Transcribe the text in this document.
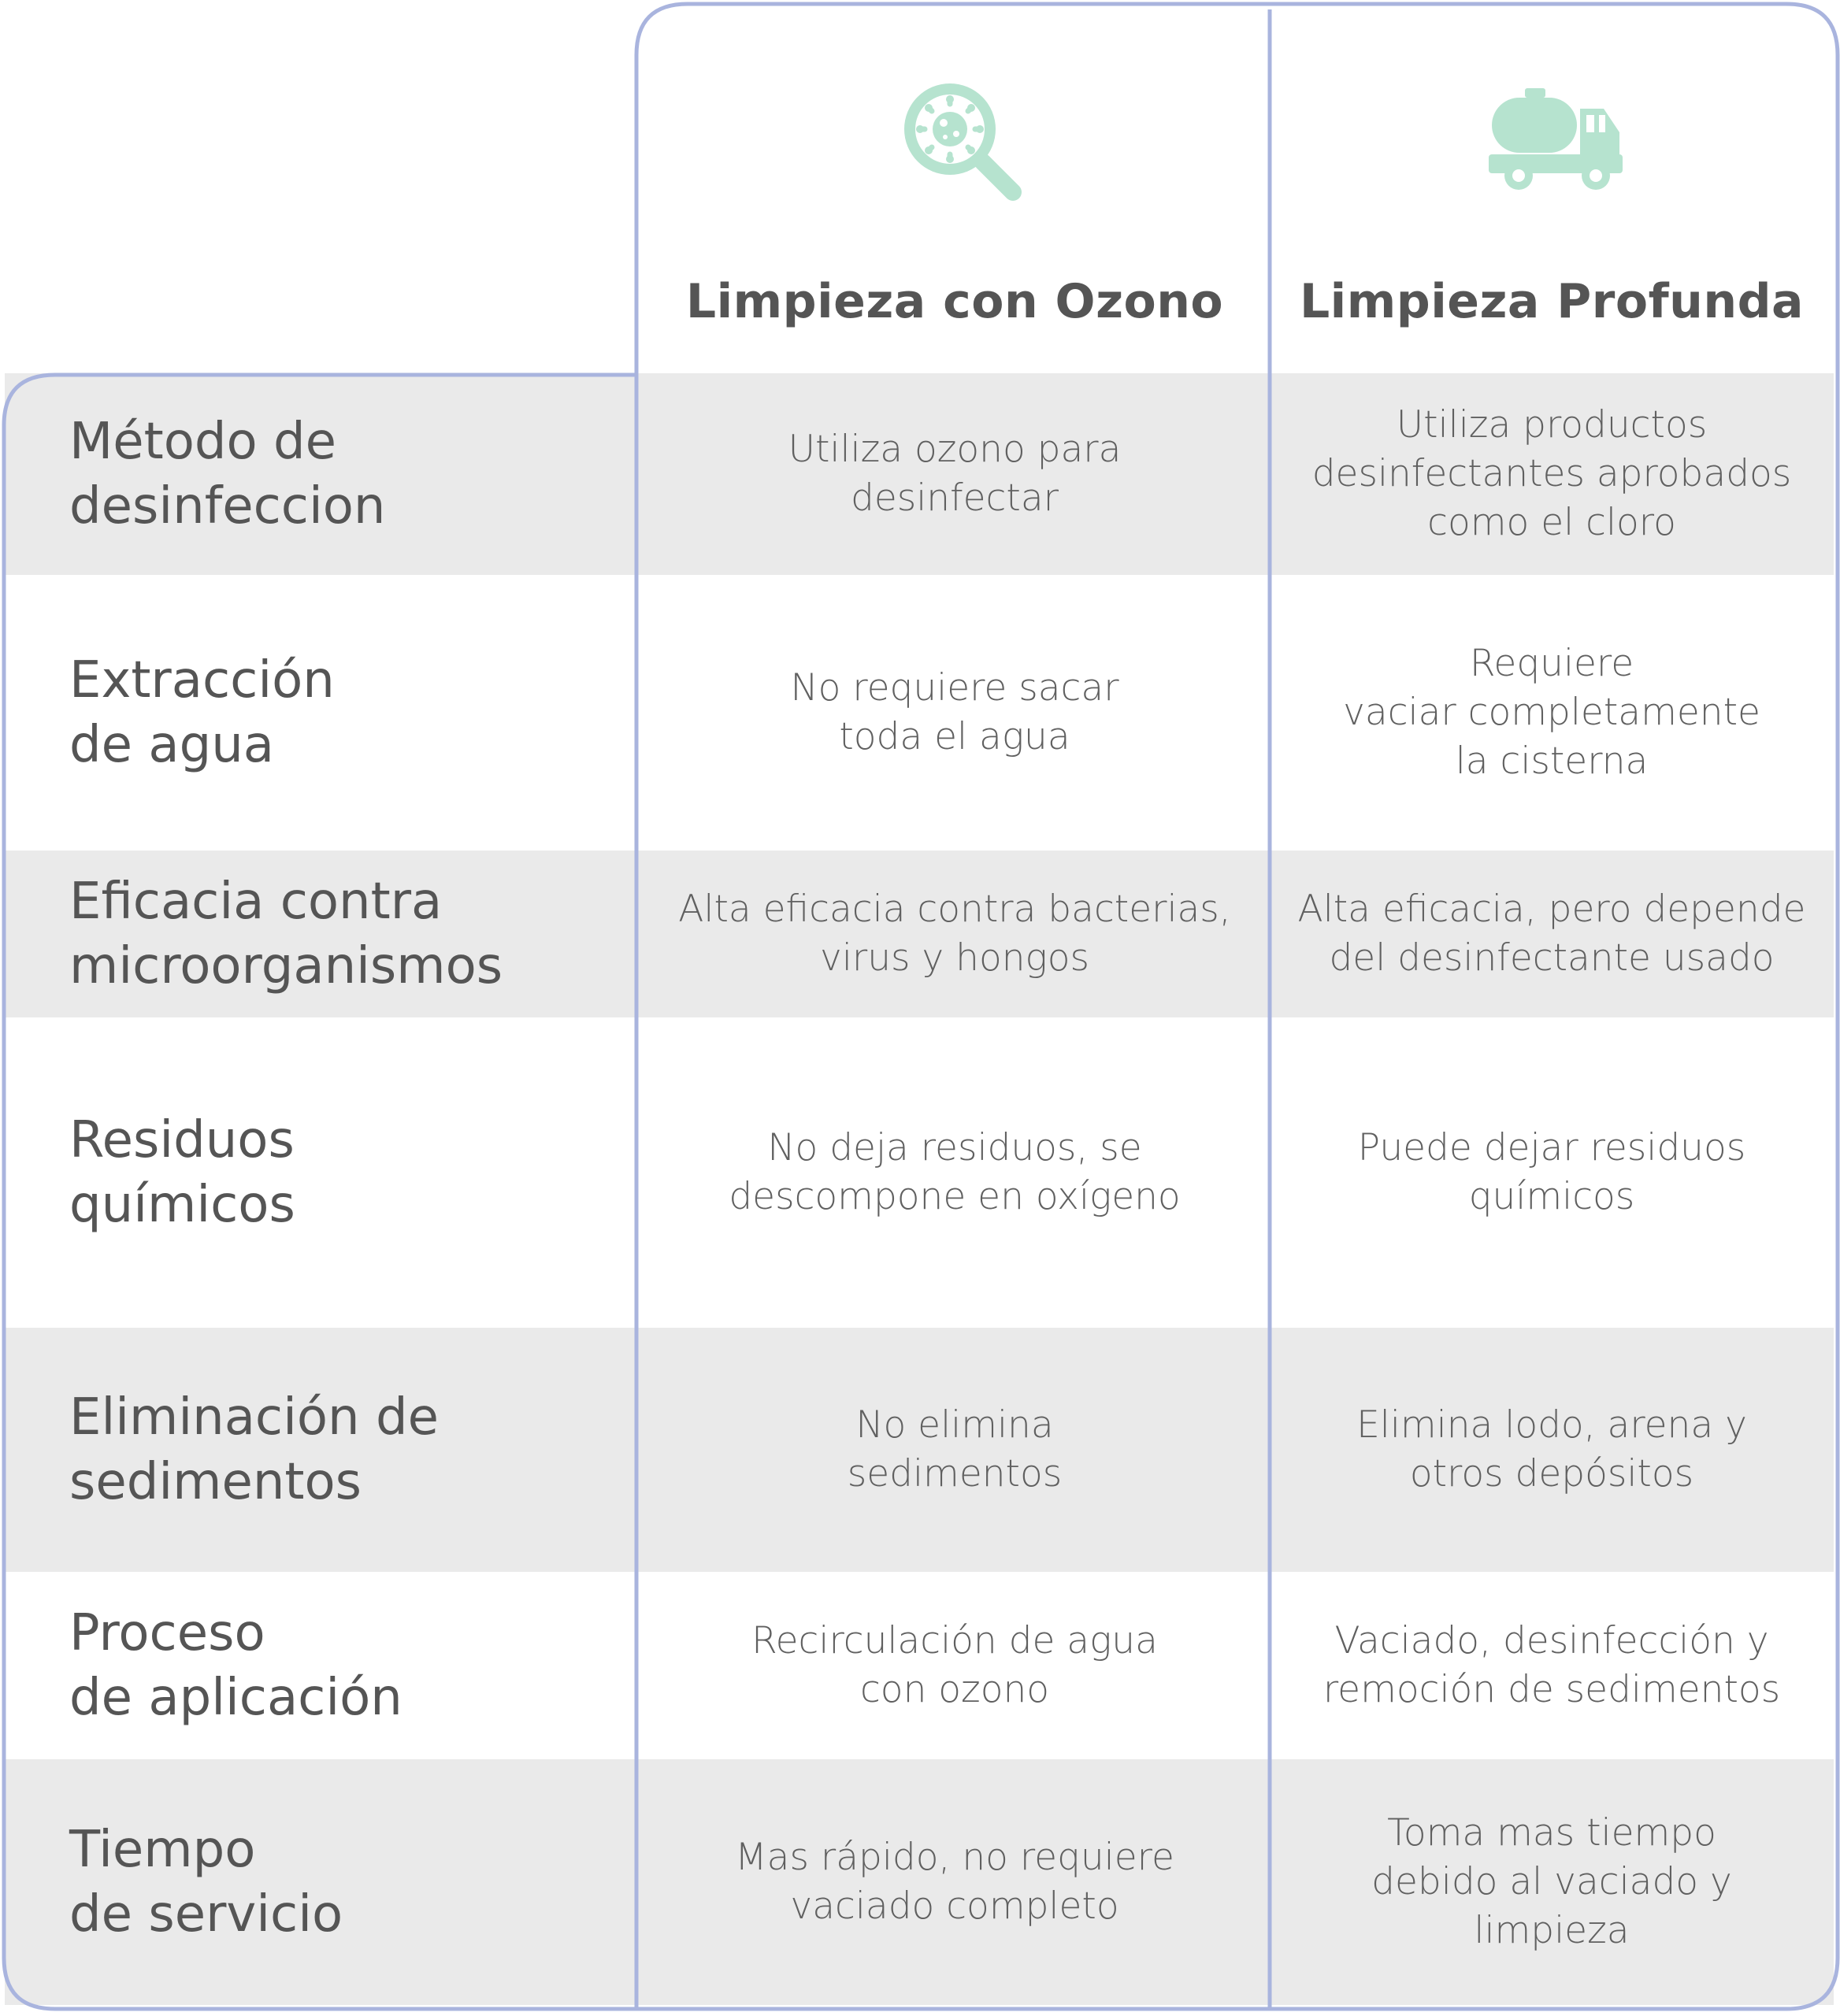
Limpieza con Ozono	Limpieza Profunda
Método de
desinfeccion
Utiliza ozono para
desinfectar
Utiliza productos
desinfectantes aprobados
como el cloro
Extracción
de agua
No requiere sacar
toda el agua
Requiere
vaciar completamente
la cisterna
Eficacia contra
microorganismos
Alta eficacia contra bacterias,
virus y hongos
Alta eficacia, pero depende
del desinfectante usado
Residuos
químicos
No deja residuos, se
descompone en oxígeno
Puede dejar residuos
químicos
Eliminación de
sedimentos
No elimina
sedimentos
Elimina lodo, arena y
otros depósitos
Proceso
de aplicación
Recirculación de agua
con ozono
Vaciado, desinfección y
remoción de sedimentos
Tiempo
de servicio
Mas rápido, no requiere
vaciado completo
Toma mas tiempo
debido al vaciado y
limpieza
